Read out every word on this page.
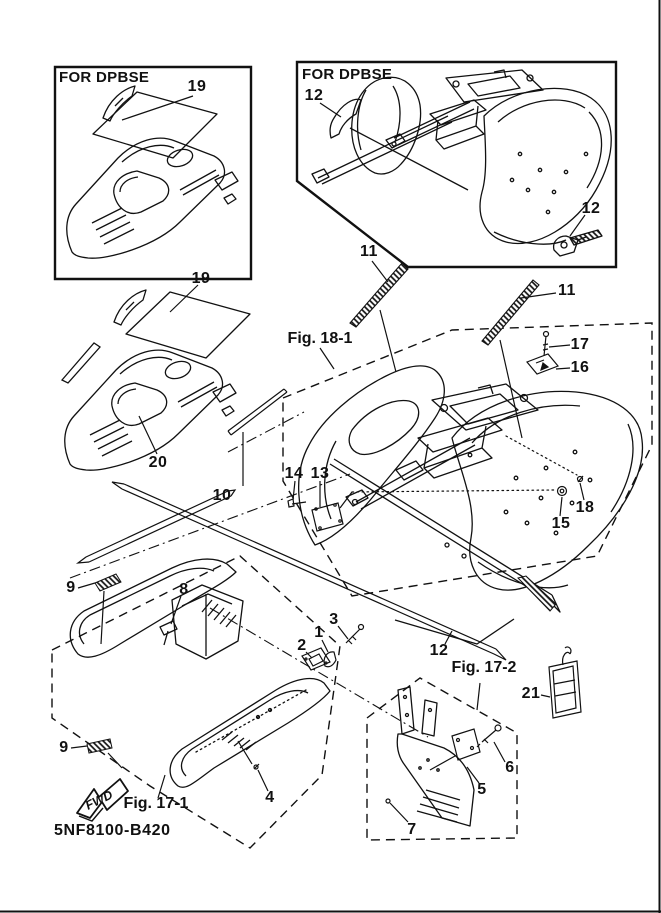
FWD
FOR DPBSE	FOR DPBSE
5NF8100-B420
19
12
12
11
11
17
16
19
20
14 13
18
15
10
9	8
1
2
3
12
21
9
4
6
5
7
Fig. 18-1
Fig. 17-1
Fig. 17-2
